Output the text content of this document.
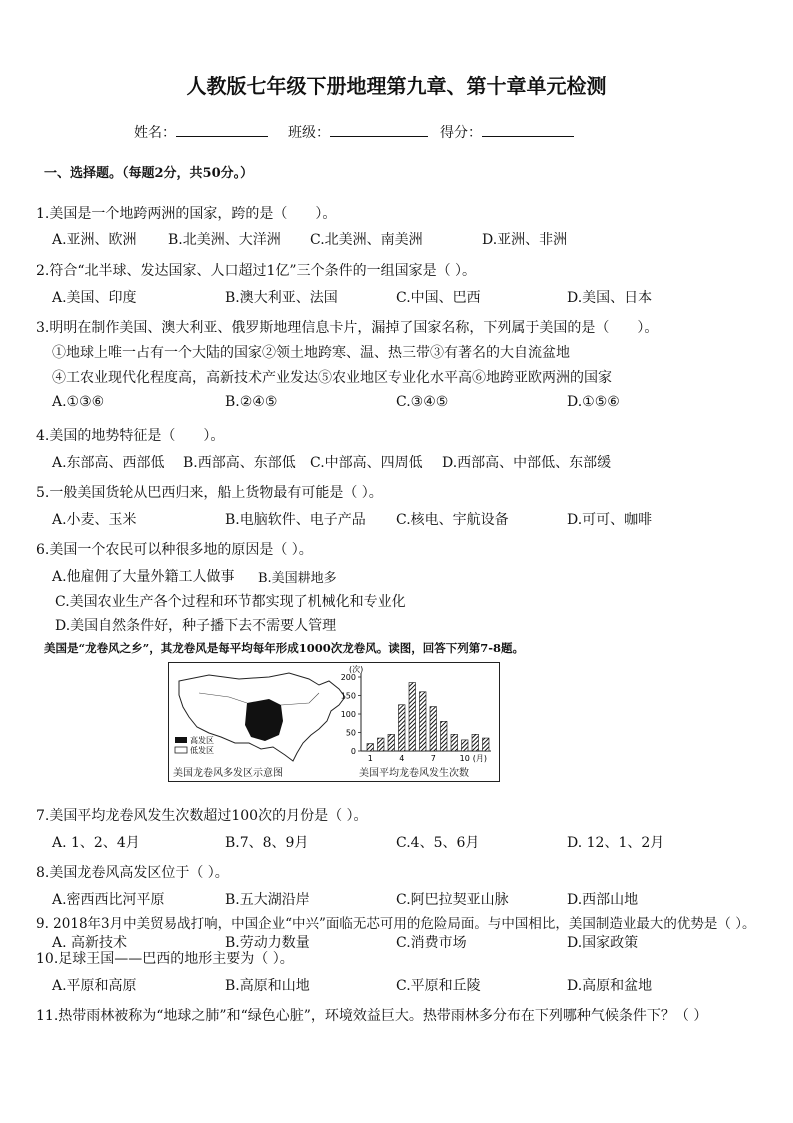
人教版七年级下册地理第九章、第十章单元检测
姓名：	班级：	得分：
一、选择题。（每题2分，共50分。）
1.美国是一个地跨两洲的国家，跨的是（　　）。
A.亚洲、欧洲 B.北美洲、大洋洲 C.北美洲、南美洲	D.亚洲、非洲
2.符合“北半球、发达国家、人口超过1亿”三个条件的一组国家是（ ）。
A.美国、印度	B.澳大利亚、法国	C.中国、巴西	D.美国、日本
3.明明在制作美国、澳大利亚、俄罗斯地理信息卡片，漏掉了国家名称，下列属于美国的是（　　）。
①地球上唯一占有一个大陆的国家②领土地跨寒、温、热三带③有著名的大自流盆地
④工农业现代化程度高，高新技术产业发达⑤农业地区专业化水平高⑥地跨亚欧两洲的国家
A.①③⑥	B.②④⑤	C.③④⑤	D.①⑤⑥
4.美国的地势特征是（　　）。
A.东部高、西部低 B.西部高、东部低 C.中部高、四周低 D.西部高、中部低、东部缓
5.一般美国货轮从巴西归来，船上货物最有可能是（ ）。
A.小麦、玉米	B.电脑软件、电子产品 C.核电、宇航设备	D.可可、咖啡
6.美国一个农民可以种很多地的原因是（ ）。
A.他雇佣了大量外籍工人做事 B.美国耕地多
C.美国农业生产各个过程和环节都实现了机械化和专业化
D.美国自然条件好，种子播下去不需要人管理
美国是“龙卷风之乡”，其龙卷风是每平均每年形成1000次龙卷风。读图，回答下列第7-8题。
高发区
低发区
(次)
0
50
100
150
200
1	4	7	10 (月)
美国龙卷风多发区示意图	美国平均龙卷风发生次数
7.美国平均龙卷风发生次数超过100次的月份是（ ）。
A. 1、2、4月	B.7、8、9月	C.4、5、6月	D. 12、1、2月
8.美国龙卷风高发区位于（ ）。
A.密西西比河平原	B.五大湖沿岸	C.阿巴拉契亚山脉	D.西部山地
9. 2018年3月中美贸易战打响，中国企业“中兴”面临无芯可用的危险局面。与中国相比，美国制造业最大的优势是（ ）。
A. 高新技术	B.劳动力数量	C.消费市场	D.国家政策
10.足球王国——巴西的地形主要为（ ）。
A.平原和高原	B.高原和山地	C.平原和丘陵	D.高原和盆地
11.热带雨林被称为“地球之肺”和“绿色心脏”，环境效益巨大。热带雨林多分布在下列哪种气候条件下？（ ）
